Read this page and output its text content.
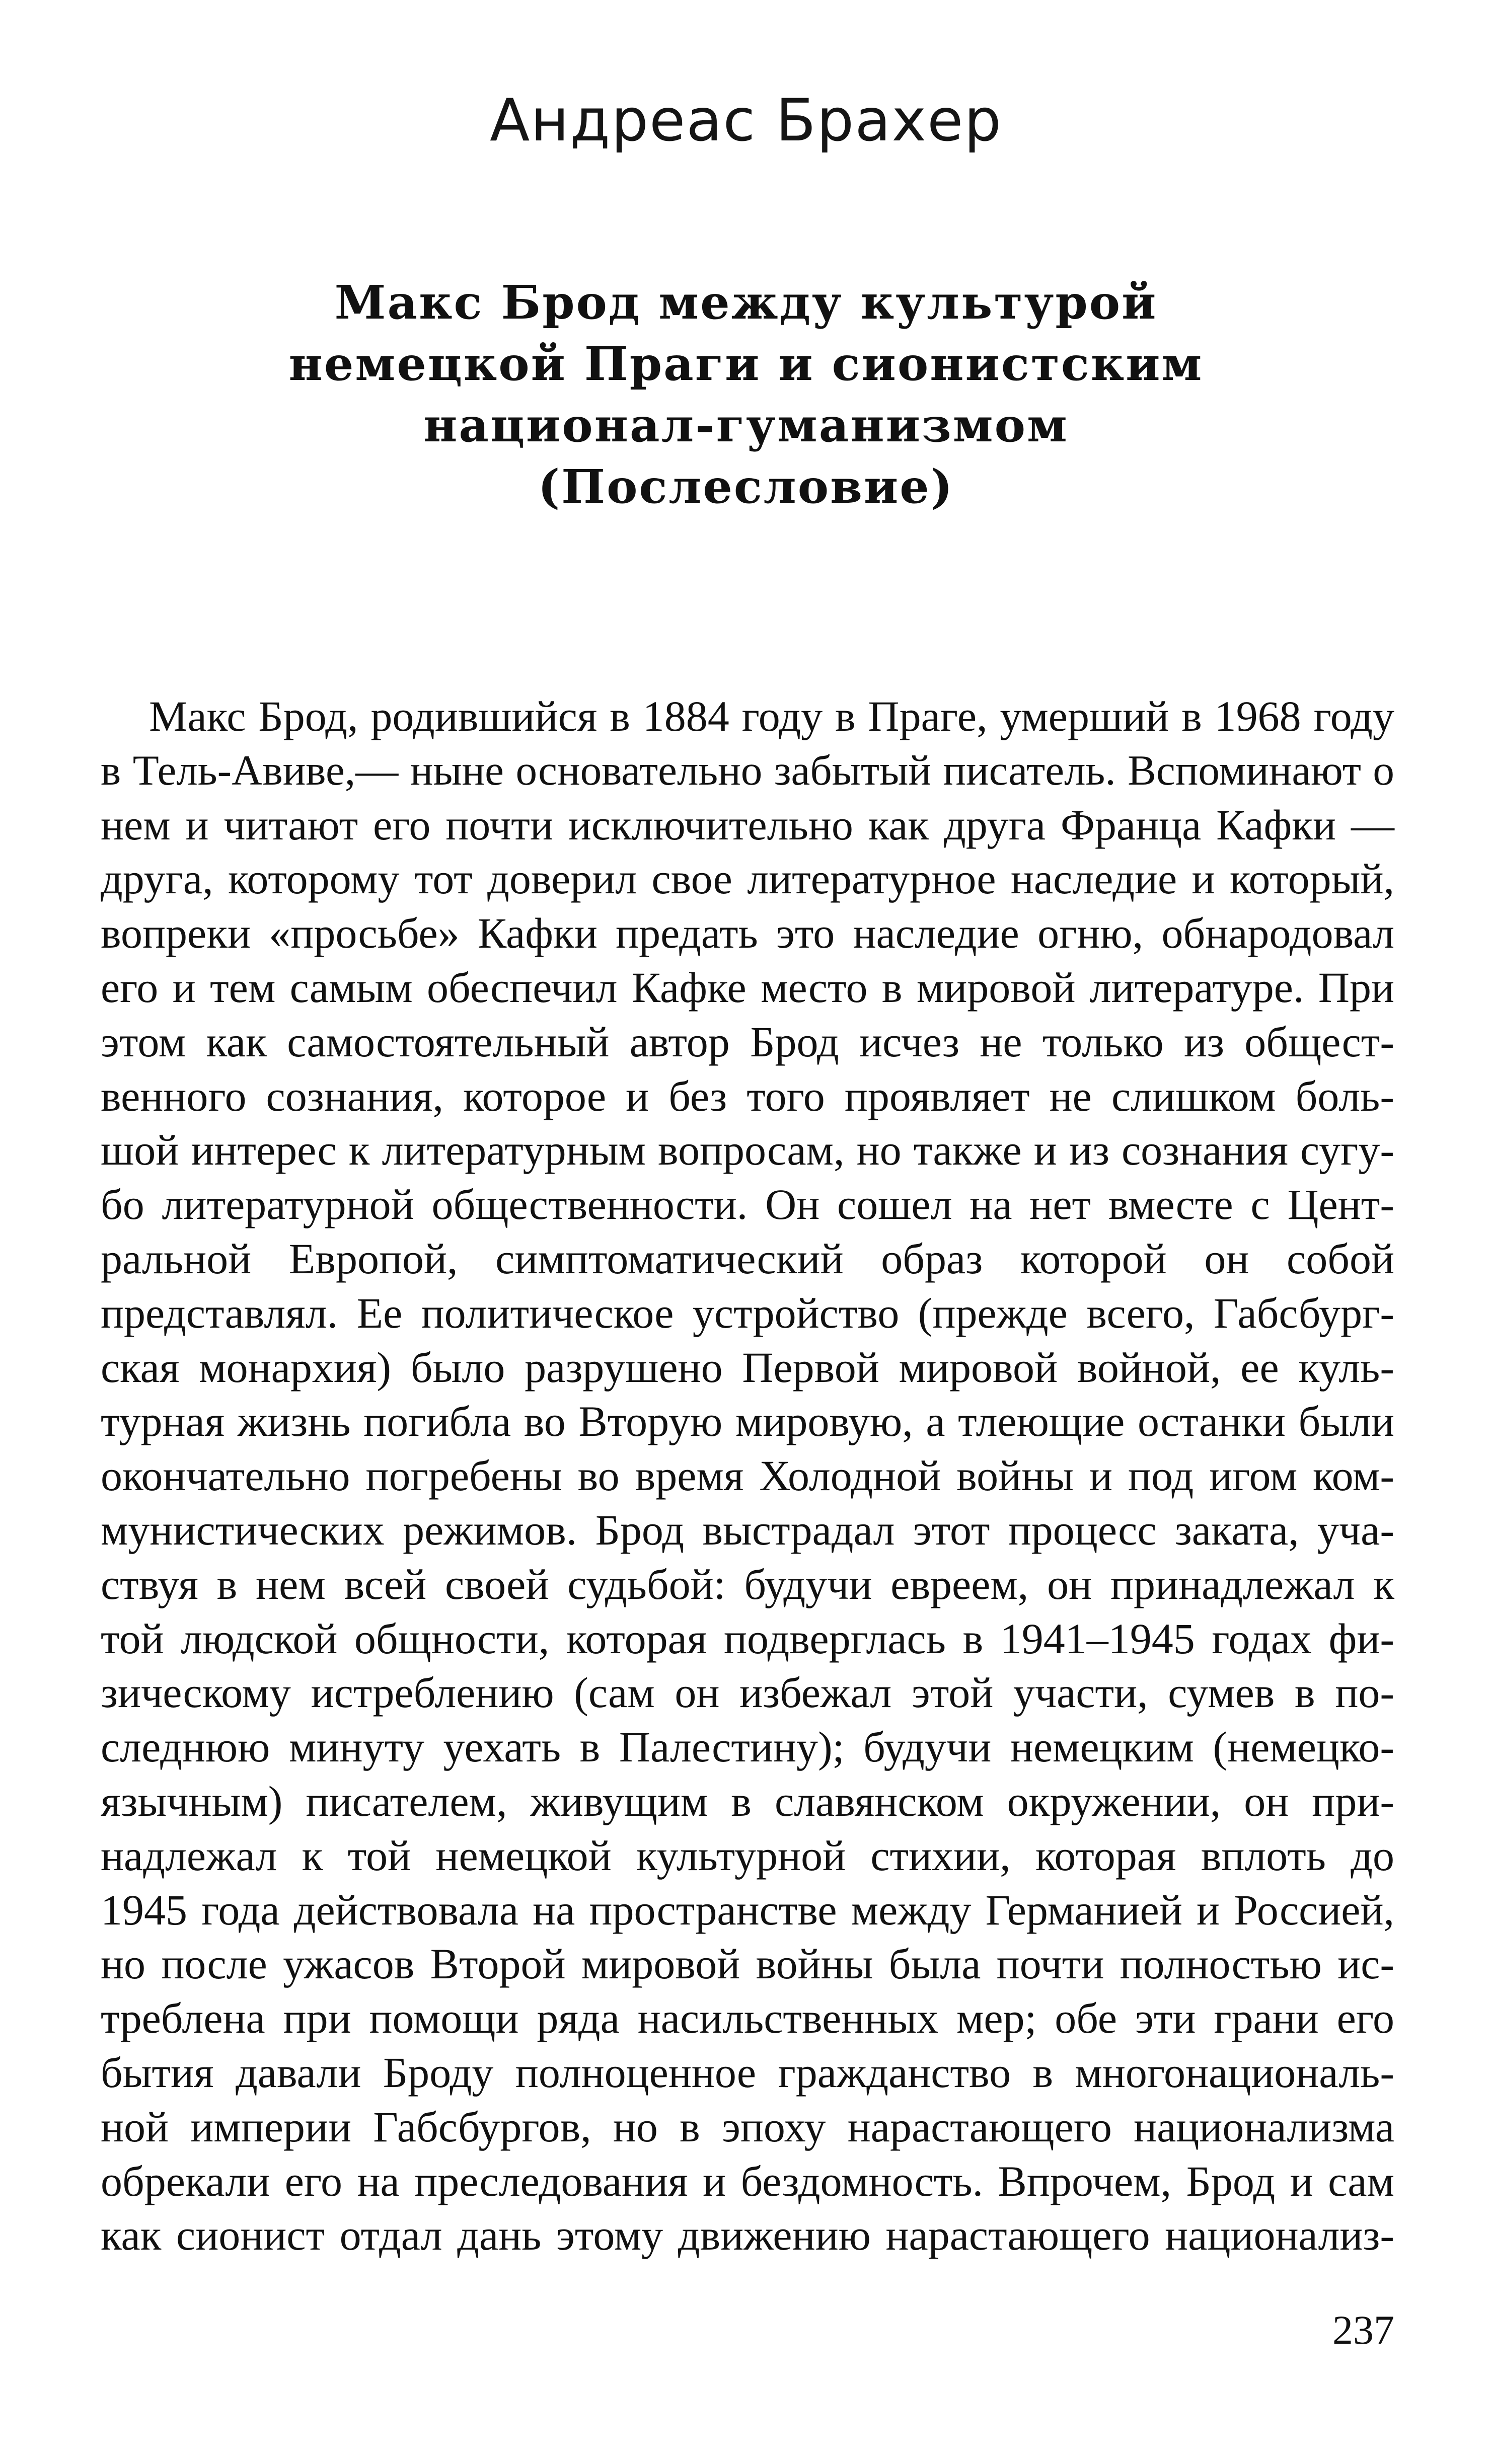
Андреас Брахер
Макс Брод между культурой
немецкой Праги и сионистским
национал-гуманизмом
(Послесловие)
Макс Брод, родившийся в 1884 году в Праге, умерший в 1968 году
в Тель-Авиве,— ныне основательно забытый писатель. Вспоминают о
нем и читают его почти исключительно как друга Франца Кафки —
друга, которому тот доверил свое литературное наследие и который,
вопреки «просьбе» Кафки предать это наследие огню, обнародовал
его и тем самым обеспечил Кафке место в мировой литературе. При
этом как самостоятельный автор Брод исчез не только из общест-
венного сознания, которое и без того проявляет не слишком боль-
шой интерес к литературным вопросам, но также и из сознания сугу-
бо литературной общественности. Он сошел на нет вместе с Цент-
ральной Европой, симптоматический образ которой он собой
представлял. Ее политическое устройство (прежде всего, Габсбург-
ская монархия) было разрушено Первой мировой войной, ее куль-
турная жизнь погибла во Вторую мировую, а тлеющие останки были
окончательно погребены во время Холодной войны и под игом ком-
мунистических режимов. Брод выстрадал этот процесс заката, уча-
ствуя в нем всей своей судьбой: будучи евреем, он принадлежал к
той людской общности, которая подверглась в 1941–1945 годах фи-
зическому истреблению (сам он избежал этой участи, сумев в по-
следнюю минуту уехать в Палестину); будучи немецким (немецко-
язычным) писателем, живущим в славянском окружении, он при-
надлежал к той немецкой культурной стихии, которая вплоть до
1945 года действовала на пространстве между Германией и Россией,
но после ужасов Второй мировой войны была почти полностью ис-
треблена при помощи ряда насильственных мер; обе эти грани его
бытия давали Броду полноценное гражданство в многонациональ-
ной империи Габсбургов, но в эпоху нарастающего национализма
обрекали его на преследования и бездомность. Впрочем, Брод и сам
как сионист отдал дань этому движению нарастающего национализ-
237
